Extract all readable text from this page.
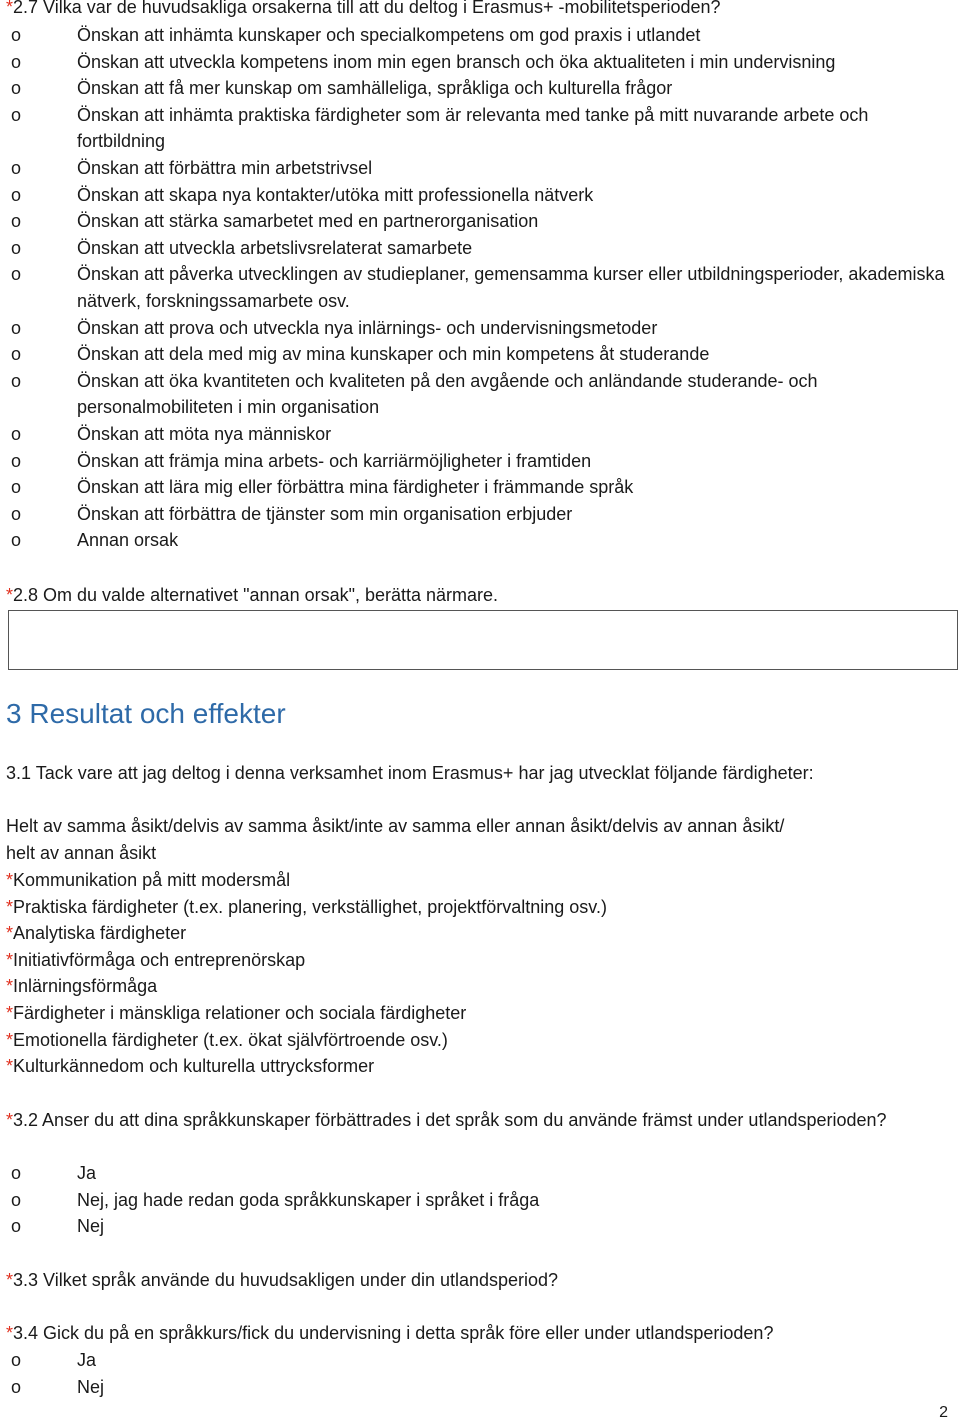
*2.7 Vilka var de huvudsakliga orsakerna till att du deltog i Erasmus+ -mobilitetsperioden?
o	Önskan att inhämta kunskaper och specialkompetens om god praxis i utlandet
o	Önskan att utveckla kompetens inom min egen bransch och öka aktualiteten i min undervisning
o	Önskan att få mer kunskap om samhälleliga, språkliga och kulturella frågor
o	Önskan att inhämta praktiska färdigheter som är relevanta med tanke på mitt nuvarande arbete och fortbildning
o	Önskan att förbättra min arbetstrivsel
o	Önskan att skapa nya kontakter/utöka mitt professionella nätverk
o	Önskan att stärka samarbetet med en partnerorganisation
o	Önskan att utveckla arbetslivsrelaterat samarbete
o	Önskan att påverka utvecklingen av studieplaner, gemensamma kurser eller utbildningsperioder, akademiska nätverk, forskningssamarbete osv.
o	Önskan att prova och utveckla nya inlärnings- och undervisningsmetoder
o	Önskan att dela med mig av mina kunskaper och min kompetens åt studerande
o	Önskan att öka kvantiteten och kvaliteten på den avgående och anländande studerande- och personalmobiliteten i min organisation
o	Önskan att möta nya människor
o	Önskan att främja mina arbets- och karriärmöjligheter i framtiden
o	Önskan att lära mig eller förbättra mina färdigheter i främmande språk
o	Önskan att förbättra de tjänster som min organisation erbjuder
o	Annan orsak
*2.8 Om du valde alternativet "annan orsak", berätta närmare.
3 Resultat och effekter
3.1 Tack vare att jag deltog i denna verksamhet inom Erasmus+ har jag utvecklat följande färdigheter:
Helt av samma åsikt/delvis av samma åsikt/inte av samma eller annan åsikt/delvis av annan åsikt/
helt av annan åsikt
*Kommunikation på mitt modersmål
*Praktiska färdigheter (t.ex. planering, verkställighet, projektförvaltning osv.)
*Analytiska färdigheter
*Initiativförmåga och entreprenörskap
*Inlärningsförmåga
*Färdigheter i mänskliga relationer och sociala färdigheter
*Emotionella färdigheter (t.ex. ökat självförtroende osv.)
*Kulturkännedom och kulturella uttrycksformer
*3.2 Anser du att dina språkkunskaper förbättrades i det språk som du använde främst under utlandsperioden?
o	Ja
o	Nej, jag hade redan goda språkkunskaper i språket i fråga
o	Nej
*3.3 Vilket språk använde du huvudsakligen under din utlandsperiod?
*3.4 Gick du på en språkkurs/fick du undervisning i detta språk före eller under utlandsperioden?
o	Ja
o	Nej
2
